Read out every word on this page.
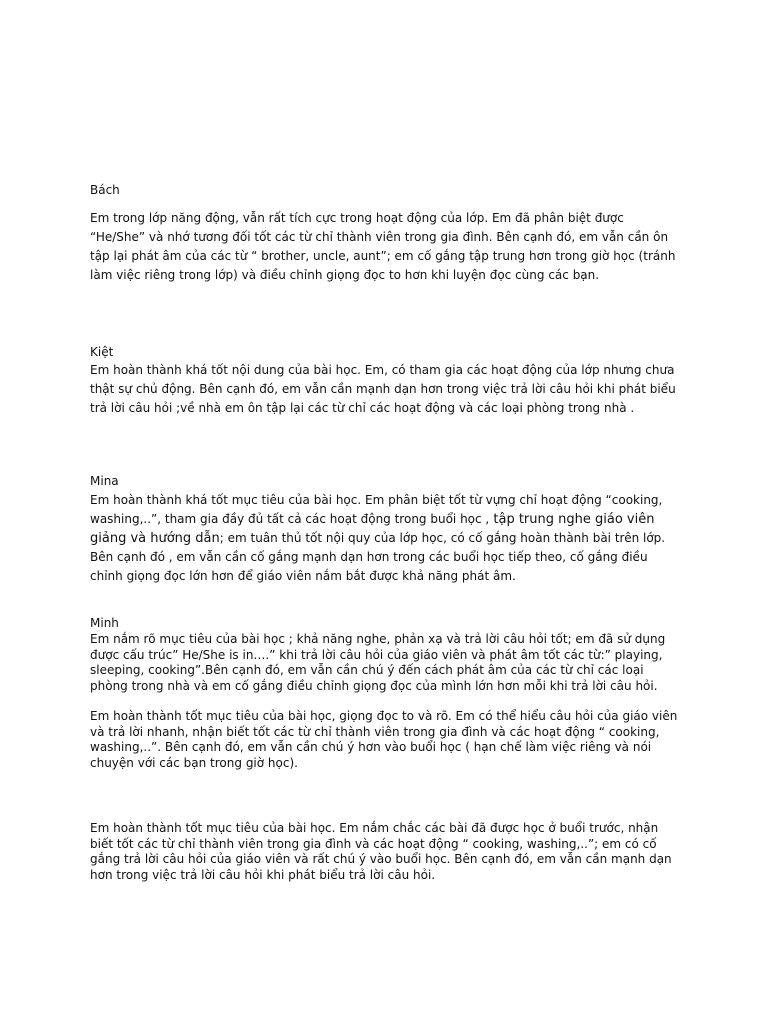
Bách

Em trong lớp năng động, vẫn rất tích cực trong hoạt động của lớp. Em đã phân biệt được “He/She” và nhớ tương đối tốt các từ chỉ thành viên trong gia đình. Bên cạnh đó, em vẫn cần ôn tập lại phát âm của các từ “ brother, uncle, aunt”; em cố gắng tập trung hơn trong giờ học (tránh làm việc riêng trong lớp) và điều chỉnh giọng đọc to hơn khi luyện đọc cùng các bạn.

Kiệt

Em hoàn thành khá tốt nội dung của bài học. Em, có tham gia các hoạt động của lớp nhưng chưa thật sự chủ động. Bên cạnh đó, em vẫn cần mạnh dạn hơn trong việc trả lời câu hỏi khi phát biểu trả lời câu hỏi ;về nhà em ôn tập lại các từ chỉ các hoạt động và các loại phòng trong nhà .

Mina

Em hoàn thành khá tốt mục tiêu của bài học. Em phân biệt tốt từ vựng chỉ hoạt động “cooking, washing,..”, tham gia đầy đủ tất cả các hoạt động trong buổi học , tập trung nghe giáo viên giảng và hướng dẫn; em tuân thủ tốt nội quy của lớp học, có cố gắng hoàn thành bài trên lớp. Bên cạnh đó , em vẫn cần cố gắng mạnh dạn hơn trong các buổi học tiếp theo, cố gắng điều chỉnh giọng đọc lớn hơn để giáo viên nắm bắt được khả năng phát âm.

Minh

Em nắm rõ mục tiêu của bài học ; khả năng nghe, phản xạ và trả lời câu hỏi tốt; em đã sử dụng được cấu trúc” He/She is in….” khi trả lời câu hỏi của giáo viên và phát âm tốt các từ:” playing, sleeping, cooking”.Bên cạnh đó, em vẫn cần chú ý đến cách phát âm của các từ chỉ các loại phòng trong nhà và em cố gắng điều chỉnh giọng đọc của mình lớn hơn mỗi khi trả lời câu hỏi.

Em hoàn thành tốt mục tiêu của bài học, giọng đọc to và rõ. Em có thể hiểu câu hỏi của giáo viên và trả lời nhanh, nhận biết tốt các từ chỉ thành viên trong gia đình và các hoạt động “ cooking, washing,..”. Bên cạnh đó, em vẫn cần chú ý hơn vào buổi học ( hạn chế làm việc riêng và nói chuyện với các bạn trong giờ học).

Em hoàn thành tốt mục tiêu của bài học. Em nắm chắc các bài đã được học ở buổi trước, nhận biết tốt các từ chỉ thành viên trong gia đình và các hoạt động “ cooking, washing,..”; em có cố gắng trả lời câu hỏi của giáo viên và rất chú ý vào buổi học. Bên cạnh đó, em vẫn cần mạnh dạn hơn trong việc trả lời câu hỏi khi phát biểu trả lời câu hỏi.
